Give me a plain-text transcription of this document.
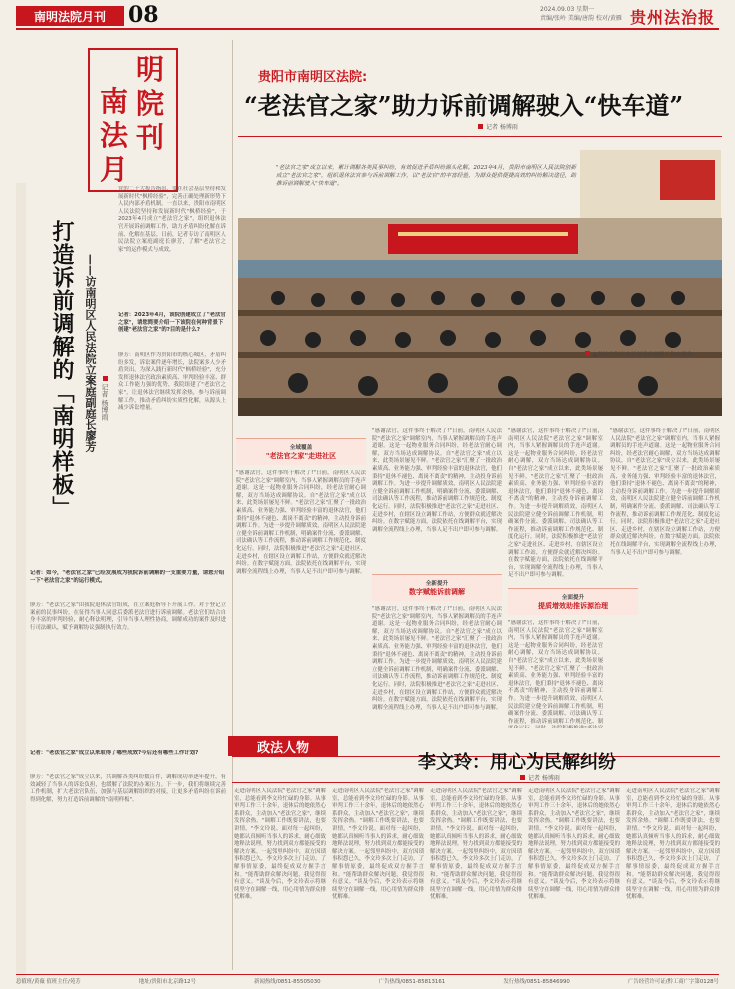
南明法院月刊	08	2024.09.03 星期一
责编/张岭 美编/唐韵 校对/黄雁 贵州法治报
南
明
法
院
月
刊
打造诉前调解的「南明样板」 ——访南明区人民法院立案庭副庭长廖芳 记者 杨博雨
党的二十大报告指出，要在社会基层坚持和发展新时代"枫桥经验"，完善正确处理新形势下人民内部矛盾机制。一直以来，贵阳市南明区人民法院坚持和发展新时代"枫桥经验"，于2023年4月成立"老法官之家"，组织退休法官开展诉前调解工作，助力矛盾纠纷化解在诉前、化解在基层。日前，记者专访了南明区人民法院立案庭副庭长廖芳，了解"老法官之家"的运作模式与成效。
记者：2023年4月，该院创建成立了"老法官之家"，请您简要介绍一下该院在何种背景下创建"老法官之家"的?目的是什么?
廖芳：南明区作为贵阳市的核心城区，矛盾纠纷多发，诉讼案件逐年增长，法院案多人少矛盾突出。为深入践行新时代"枫桥经验"，充分发挥退休法官政治素质高、审判经验丰富、群众工作能力强的优势，我院组建了"老法官之家"，让退休法官继续发挥余热，参与诉前调解工作，推动矛盾纠纷实质性化解，从源头上减少诉讼增量。
记者：如今，"老法官之家"已经发展成为我院诉前调解的一支重要力量，请您介绍一下"老法官之家"的运行模式。
廖芳："老法官之家"由我院退休法官组成，在立案庭指导下开展工作。对于登记立案前的民事纠纷，在征得当事人同意后委派老法官进行诉前调解。老法官们结合自身丰富的审判经验，耐心释法明理，引导当事人理性协商，调解成功的案件及时进行司法确认，赋予调解协议强制执行效力。
记者："老法官之家"成立以来取得了哪些成效?今后还有哪些工作计划?
廖芳："老法官之家"成立以来，共调解各类纠纷数百件，调解成功率逐年提升，有效减轻了当事人的诉讼负担，也缓解了法院的办案压力。下一步，我们将继续完善工作机制，扩大老法官队伍，加强与基层调解组织的对接，让更多矛盾纠纷在诉前得到化解，努力打造诉前调解的"南明样板"。
贵阳市南明区法院:
“老法官之家”助力诉前调解驶入“快车道”
记者 杨博雨
"老法官之家"成立以来，累计调解各类民事纠纷，有效促进矛盾纠纷源头化解。2023年4月，贵阳市南明区人民法院创新成立"老法官之家"，组织退休法官参与诉前调解工作，以"老法官"的丰富经验，为群众提供便捷高效的纠纷解决途径，助推诉前调解驶入"快车道"。
▲老法官们正在开展诉前调解工作座谈会。
全域覆盖
"老法官之家"走进社区
全新提升
数字赋能诉前调解
全面提升
提质增效助推诉源治理
"感谢法官，这件事终于解决了!"日前，南明区人民法院"老法官之家"调解室内，当事人紧握调解员的手连声道谢。这是一起物业服务合同纠纷，经老法官耐心调解，双方当场达成调解协议。自"老法官之家"成立以来，此类场景屡见不鲜。"老法官之家"汇聚了一批政治素质高、业务能力强、审判经验丰富的退休法官，他们秉持"退休不褪色、离岗不离责"的精神，主动投身诉前调解工作。为进一步提升调解质效，南明区人民法院建立健全诉前调解工作机制，明确案件分流、委派调解、司法确认等工作流程，推动诉前调解工作规范化、制度化运行。同时，法院积极推进"老法官之家"走进社区、走进乡村，在辖区设立调解工作站，方便群众就近解决纠纷。在数字赋能方面，法院依托在线调解平台，实现调解全流程线上办理，当事人足不出户即可参与调解。
"感谢法官，这件事终于解决了!"日前，南明区人民法院"老法官之家"调解室内，当事人紧握调解员的手连声道谢。这是一起物业服务合同纠纷，经老法官耐心调解，双方当场达成调解协议。自"老法官之家"成立以来，此类场景屡见不鲜。"老法官之家"汇聚了一批政治素质高、业务能力强、审判经验丰富的退休法官，他们秉持"退休不褪色、离岗不离责"的精神，主动投身诉前调解工作。为进一步提升调解质效，南明区人民法院建立健全诉前调解工作机制，明确案件分流、委派调解、司法确认等工作流程，推动诉前调解工作规范化、制度化运行。同时，法院积极推进"老法官之家"走进社区、走进乡村，在辖区设立调解工作站，方便群众就近解决纠纷。在数字赋能方面，法院依托在线调解平台，实现调解全流程线上办理，当事人足不出户即可参与调解。
"感谢法官，这件事终于解决了!"日前，南明区人民法院"老法官之家"调解室内，当事人紧握调解员的手连声道谢。这是一起物业服务合同纠纷，经老法官耐心调解，双方当场达成调解协议。自"老法官之家"成立以来，此类场景屡见不鲜。"老法官之家"汇聚了一批政治素质高、业务能力强、审判经验丰富的退休法官，他们秉持"退休不褪色、离岗不离责"的精神，主动投身诉前调解工作。为进一步提升调解质效，南明区人民法院建立健全诉前调解工作机制，明确案件分流、委派调解、司法确认等工作流程，推动诉前调解工作规范化、制度化运行。同时，法院积极推进"老法官之家"走进社区、走进乡村，在辖区设立调解工作站，方便群众就近解决纠纷。在数字赋能方面，法院依托在线调解平台，实现调解全流程线上办理，当事人足不出户即可参与调解。
"感谢法官，这件事终于解决了!"日前，南明区人民法院"老法官之家"调解室内，当事人紧握调解员的手连声道谢。这是一起物业服务合同纠纷，经老法官耐心调解，双方当场达成调解协议。自"老法官之家"成立以来，此类场景屡见不鲜。"老法官之家"汇聚了一批政治素质高、业务能力强、审判经验丰富的退休法官，他们秉持"退休不褪色、离岗不离责"的精神，主动投身诉前调解工作。为进一步提升调解质效，南明区人民法院建立健全诉前调解工作机制，明确案件分流、委派调解、司法确认等工作流程，推动诉前调解工作规范化、制度化运行。同时，法院积极推进"老法官之家"走进社区、走进乡村，在辖区设立调解工作站，方便群众就近解决纠纷。在数字赋能方面，法院依托在线调解平台，实现调解全流程线上办理，当事人足不出户即可参与调解。
"感谢法官，这件事终于解决了!"日前，南明区人民法院"老法官之家"调解室内，当事人紧握调解员的手连声道谢。这是一起物业服务合同纠纷，经老法官耐心调解，双方当场达成调解协议。自"老法官之家"成立以来，此类场景屡见不鲜。"老法官之家"汇聚了一批政治素质高、业务能力强、审判经验丰富的退休法官，他们秉持"退休不褪色、离岗不离责"的精神，主动投身诉前调解工作。为进一步提升调解质效，南明区人民法院建立健全诉前调解工作机制，明确案件分流、委派调解、司法确认等工作流程，推动诉前调解工作规范化、制
"感谢法官，这件事终于解决了!"日前，南明区人民法院"老法官之家"调解室内，当事人紧握调解员的手连声道谢。这是一起物业服务合同纠纷，经老法官耐心调解，双方当场达成调解协议。自"老法官之家"成立以来，此类场景屡见不鲜。"老法官之家"汇聚了一批政治素质高、业务能力强、审判经验丰富的退休法官，他们秉持"退休不褪色、离岗不离责"的精神，主动投身诉前调解工作。为进一步提升调解质效，南明区人民法院建立健全诉前调解工作机制，明确案件分流、委派调解、司法确认等工作流程，推动诉前调解工作规范化、制度化运行。同时，法院积极推进"老法官之家"走进社区、走进乡村，在辖区设立调解工作站，方便群众就近解决纠纷。在数字赋能方面，法院依托在线调解平台，实现调解全流程线上办理，当事人足不出户即可参与调解。
政法人物
李文玲：用心为民解纠纷
记者 杨博雨
走进南明区人民法院"老法官之家"调解室，总能看到李文玲忙碌的身影。从事审判工作三十余年，退休后的她依然心系群众，主动加入"老法官之家"，继续发挥余热。"调解工作既要讲法，也要讲情。"李文玲说。面对每一起纠纷，她都认真倾听当事人的诉求，耐心细致地释法说理，努力找到双方都能接受的解决方案。一起邻里纠纷中，双方因琐事积怨已久，李文玲多次上门走访，了解事情原委，最终促成双方握手言和。"能帮助群众解决问题，我觉得很有意义。"谈及今后，李文玲表示将继续坚守在调解一线，用心用情为群众排忧解难。
走进南明区人民法院"老法官之家"调解室，总能看到李文玲忙碌的身影。从事审判工作三十余年，退休后的她依然心系群众，主动加入"老法官之家"，继续发挥余热。"调解工作既要讲法，也要讲情。"李文玲说。面对每一起纠纷，她都认真倾听当事人的诉求，耐心细致地释法说理，努力找到双方都能接受的解决方案。一起邻里纠纷中，双方因琐事积怨已久，李文玲多次上门走访，了解事情原委，最终促成双方握手言和。"能帮助群众解决问题，我觉得很有意义。"谈及今后，李文玲表示将继续坚守在调解一线，用心用情为群众排忧解难。
走进南明区人民法院"老法官之家"调解室，总能看到李文玲忙碌的身影。从事审判工作三十余年，退休后的她依然心系群众，主动加入"老法官之家"，继续发挥余热。"调解工作既要讲法，也要讲情。"李文玲说。面对每一起纠纷，她都认真倾听当事人的诉求，耐心细致地释法说理，努力找到双方都能接受的解决方案。一起邻里纠纷中，双方因琐事积怨已久，李文玲多次上门走访，了解事情原委，最终促成双方握手言和。"能帮助群众解决问题，我觉得很有意义。"谈及今后，李文玲表示将继续坚守在调解一线，用心用情为群众排忧解难。
走进南明区人民法院"老法官之家"调解室，总能看到李文玲忙碌的身影。从事审判工作三十余年，退休后的她依然心系群众，主动加入"老法官之家"，继续发挥余热。"调解工作既要讲法，也要讲情。"李文玲说。面对每一起纠纷，她都认真倾听当事人的诉求，耐心细致地释法说理，努力找到双方都能接受的解决方案。一起邻里纠纷中，双方因琐事积怨已久，李文玲多次上门走访，了解事情原委，最终促成双方握手言和。"能帮助群众解决问题，我觉得很有意义。"谈及今后，李文玲表示将继续坚守在调解一线，用心用情为群众排忧解难。
走进南明区人民法院"老法官之家"调解室，总能看到李文玲忙碌的身影。从事审判工作三十余年，退休后的她依然心系群众，主动加入"老法官之家"，继续发挥余热。"调解工作既要讲法，也要讲情。"李文玲说。面对每一起纠纷，她都认真倾听当事人的诉求，耐心细致地释法说理，努力找到双方都能接受的解决方案。一起邻里纠纷中，双方因琐事积怨已久，李文玲多次上门走访，了解事情原委，最终促成双方握手言和。"能帮助群众解决问题，我觉得很有意义。"谈及今后，李文玲表示将继续坚守在调解一线，用心用情为群众排忧解难。
总值班/黄薇 值班主任/苑芳	地址/贵阳市北京路12号	新闻热线/0851-85505030	广告热线/0851-85813161	发行热线/0851-85846990	广告经营许可证/黔工商广字第0128号
